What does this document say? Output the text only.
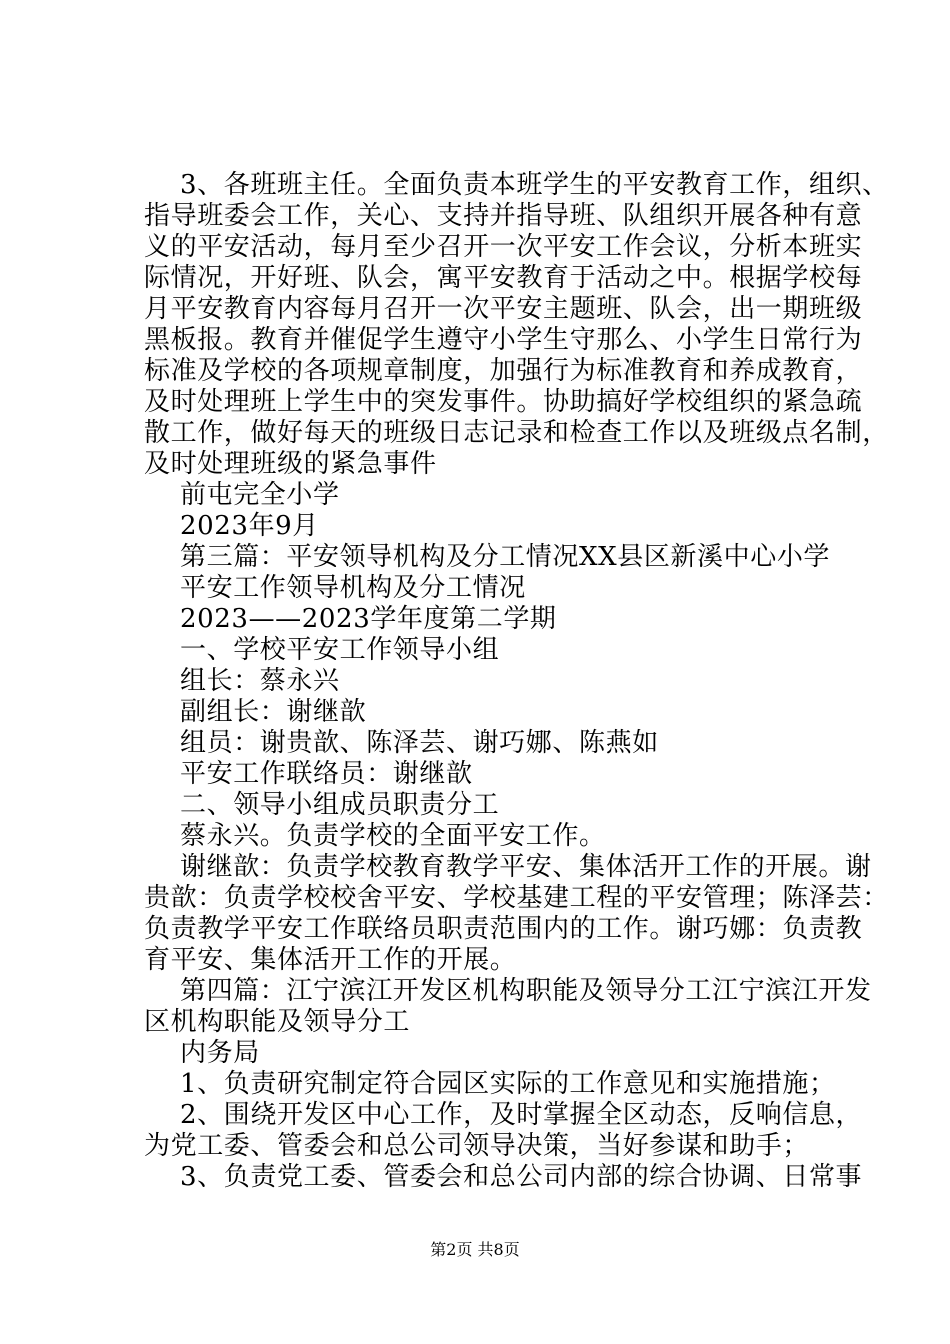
3、各班班主任。全面负责本班学生的平安教育工作，组织、
指导班委会工作，关心、支持并指导班、队组织开展各种有意
义的平安活动，每月至少召开一次平安工作会议，分析本班实
际情况，开好班、队会，寓平安教育于活动之中。根据学校每
月平安教育内容每月召开一次平安主题班、队会，出一期班级
黑板报。教育并催促学生遵守小学生守那么、小学生日常行为
标准及学校的各项规章制度，加强行为标准教育和养成教育，
及时处理班上学生中的突发事件。协助搞好学校组织的紧急疏
散工作，做好每天的班级日志记录和检查工作以及班级点名制，
及时处理班级的紧急事件
前屯完全小学
2023年9月
第三篇：平安领导机构及分工情况XX县区新溪中心小学
平安工作领导机构及分工情况
2023——2023学年度第二学期
一、学校平安工作领导小组
组长：蔡永兴
副组长：谢继歆
组员：谢贵歆、陈泽芸、谢巧娜、陈燕如
平安工作联络员：谢继歆
二、领导小组成员职责分工
蔡永兴。负责学校的全面平安工作。
谢继歆：负责学校教育教学平安、集体活开工作的开展。谢
贵歆：负责学校校舍平安、学校基建工程的平安管理；陈泽芸：
负责教学平安工作联络员职责范围内的工作。谢巧娜：负责教
育平安、集体活开工作的开展。
第四篇：江宁滨江开发区机构职能及领导分工江宁滨江开发
区机构职能及领导分工
内务局
1、负责研究制定符合园区实际的工作意见和实施措施；
2、围绕开发区中心工作，及时掌握全区动态，反响信息，
为党工委、管委会和总公司领导决策，当好参谋和助手；
3、负责党工委、管委会和总公司内部的综合协调、日常事
第2页 共8页
